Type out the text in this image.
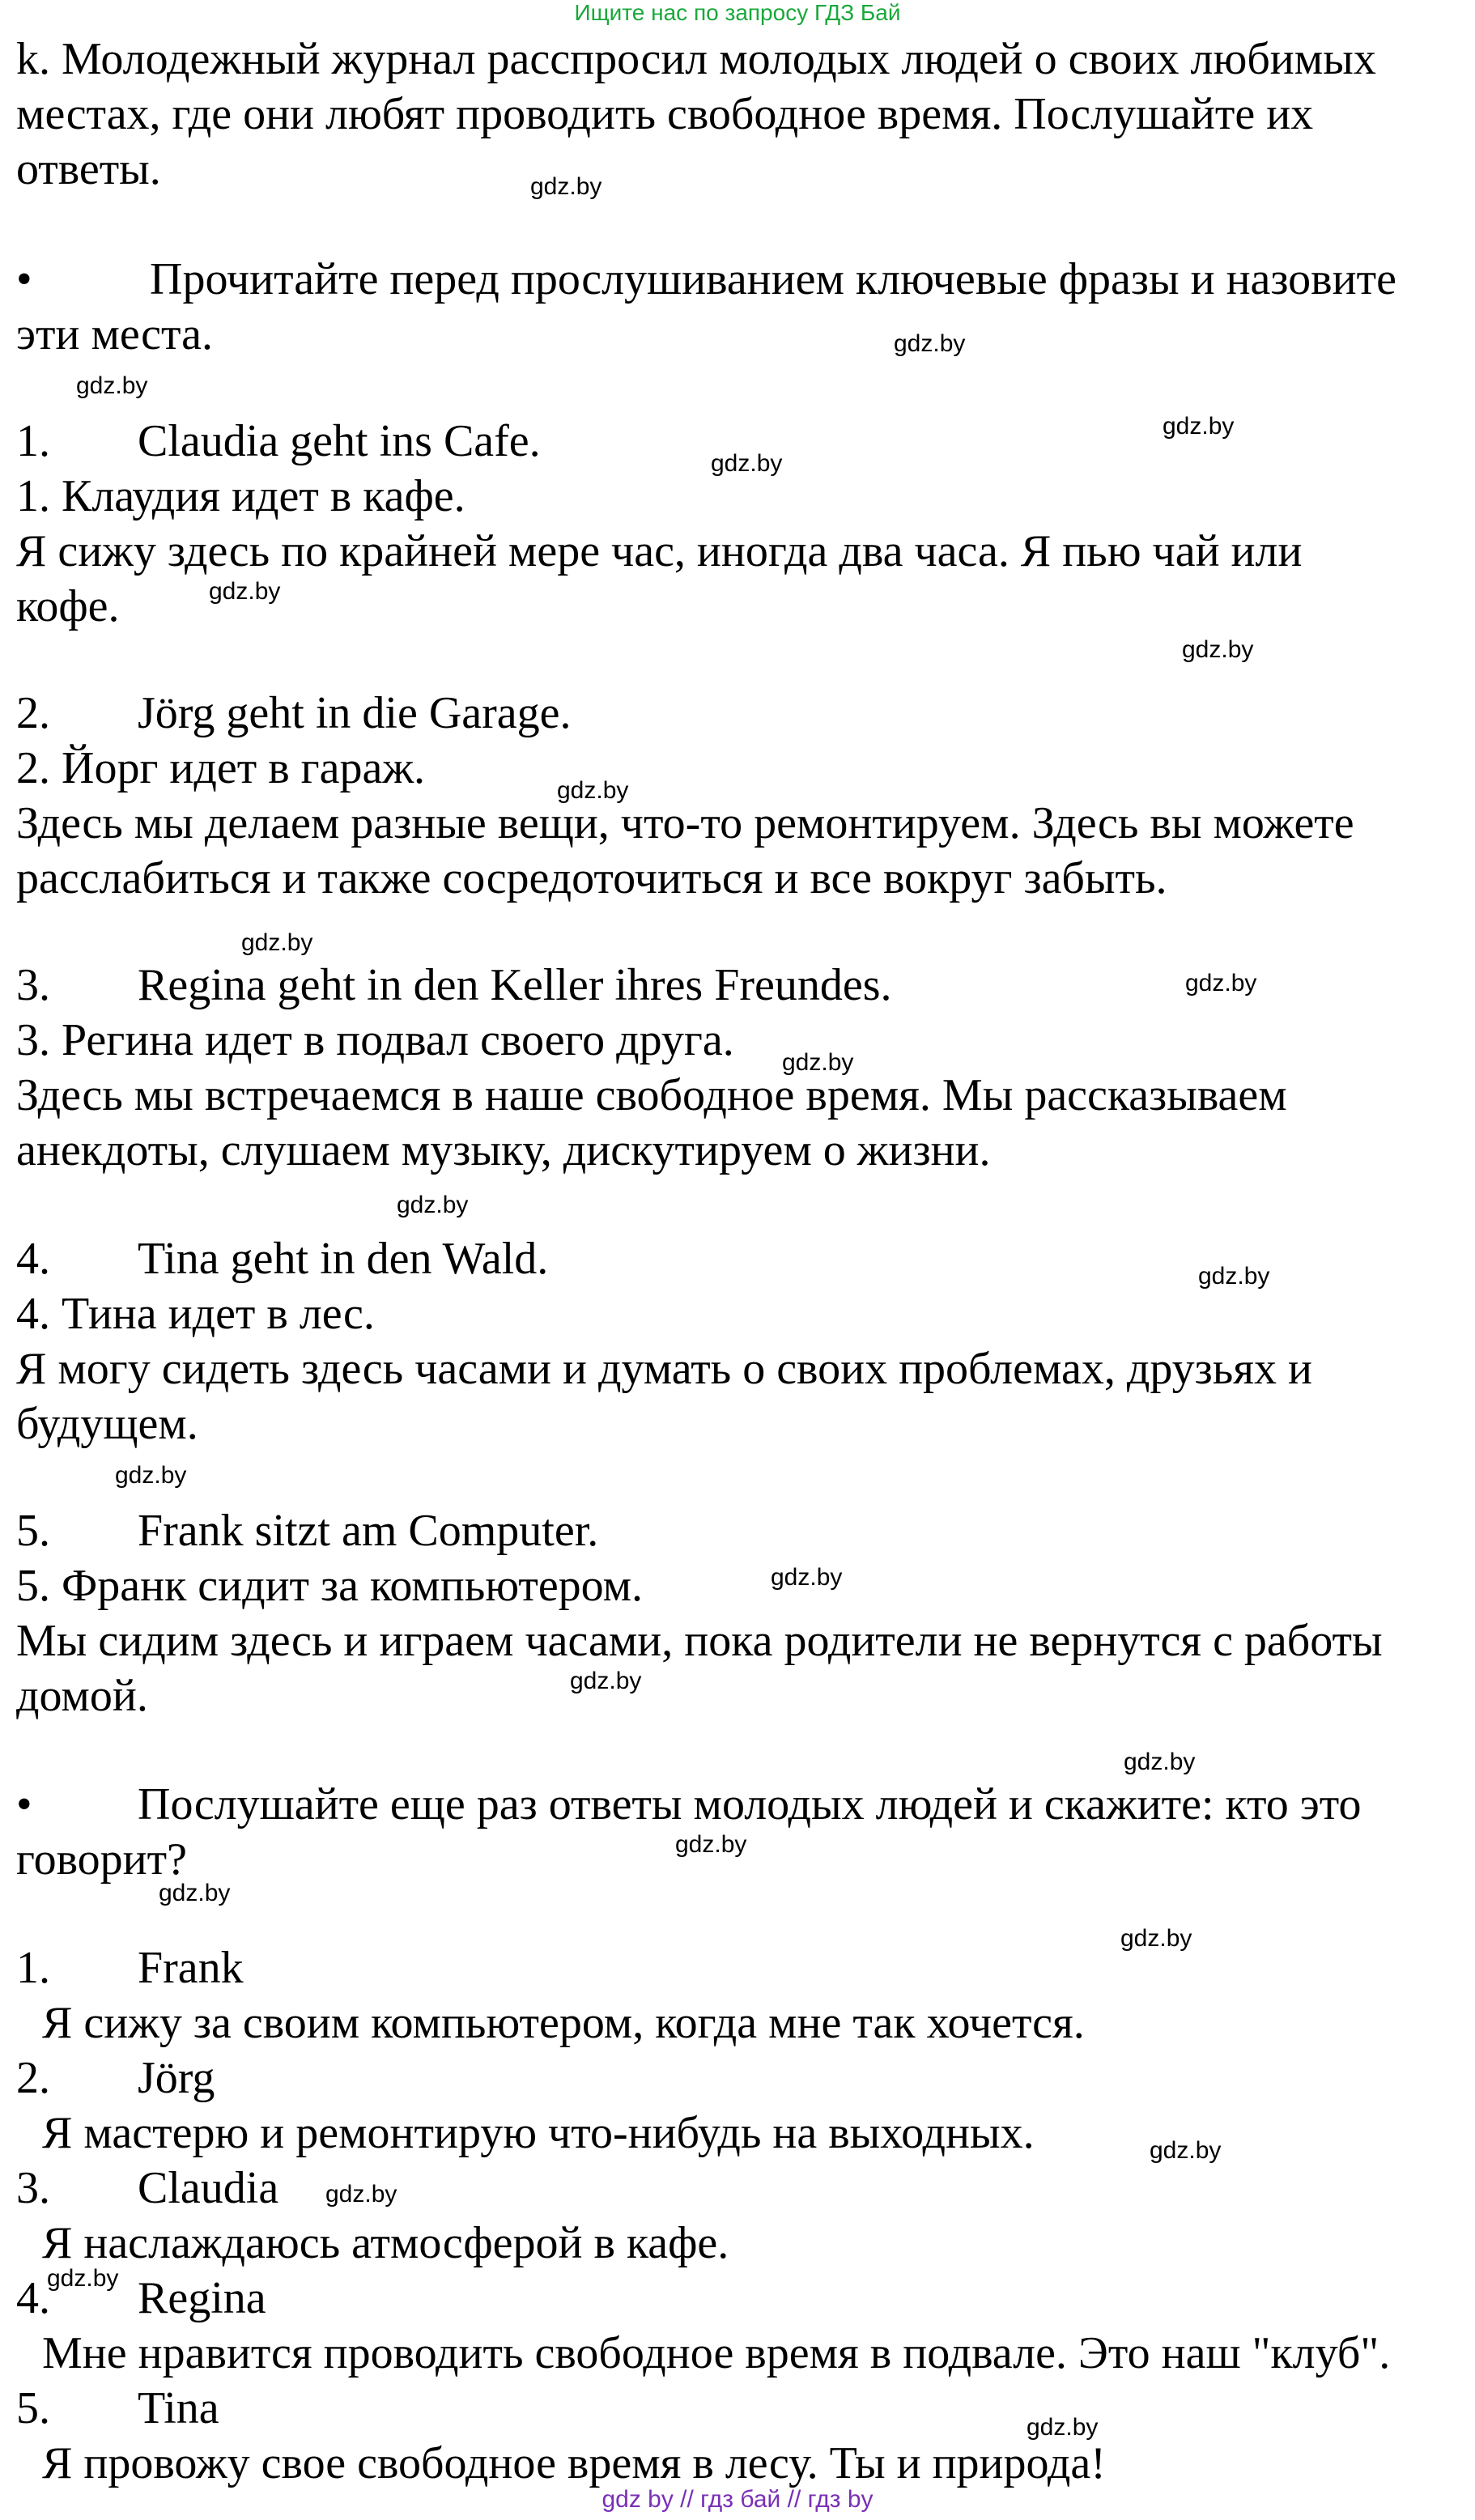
Ищите нас по запросу ГДЗ Бай
k. Молодежный журнал расспросил молодых людей о своих любимых
местах, где они любят проводить свободное время. Послушайте их
ответы.
•	Прочитайте перед прослушиванием ключевые фразы и назовите
эти места.
1. Claudia geht ins Cafe.
1. Клаудия идет в кафе.
Я сижу здесь по крайней мере час, иногда два часа. Я пью чай или
кофе.
2. Jörg geht in die Garage.
2. Йорг идет в гараж.
Здесь мы делаем разные вещи, что-то ремонтируем. Здесь вы можете
расслабиться и также сосредоточиться и все вокруг забыть.
3. Regina geht in den Keller ihres Freundes.
3. Регина идет в подвал своего друга.
Здесь мы встречаемся в наше свободное время. Мы рассказываем
анекдоты, слушаем музыку, дискутируем о жизни.
4. Tina geht in den Wald.
4. Тина идет в лес.
Я могу сидеть здесь часами и думать о своих проблемах, друзьях и
будущем.
5. Frank sitzt am Computer.
5. Франк сидит за компьютером.
Мы сидим здесь и играем часами, пока родители не вернутся с работы
домой.
• Послушайте еще раз ответы молодых людей и скажите: кто это
говорит?
1. Frank
Я сижу за своим компьютером, когда мне так хочется.
2. Jörg
Я мастерю и ремонтирую что-нибудь на выходных.
3. Claudia
Я наслаждаюсь атмосферой в кафе.
4. Regina
Мне нравится проводить свободное время в подвале. Это наш "клуб".
5. Tina
Я провожу свое свободное время в лесу. Ты и природа!
gdz.by
gdz.by
gdz.by
gdz.by
gdz.by
gdz.by
gdz.by
gdz.by
gdz.by
gdz.by
gdz.by
gdz.by
gdz.by
gdz.by
gdz.by
gdz.by
gdz.by
gdz.by
gdz.by
gdz.by
gdz.by
gdz.by
gdz.by
gdz.by
gdz by // гдз бай // гдз by
